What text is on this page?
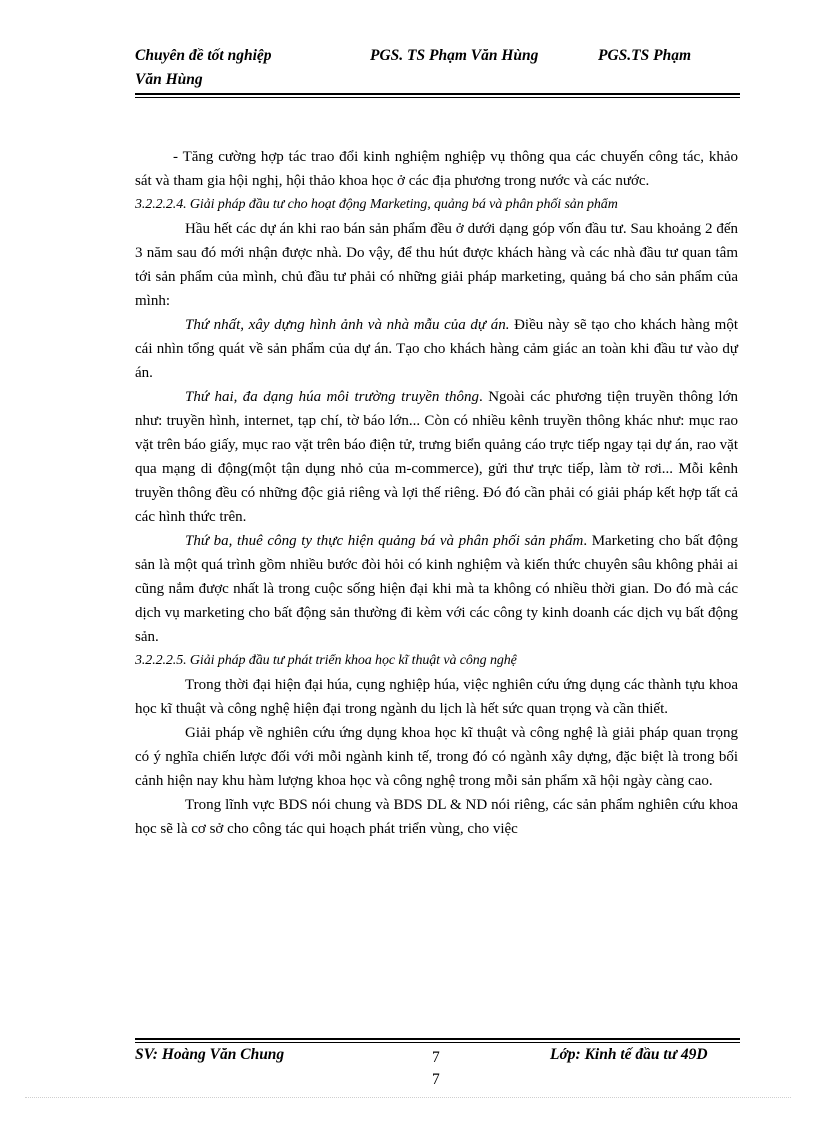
Chuyên đề tốt nghiệp	PGS. TS Phạm Văn Hùng	PGS.TS Phạm
Văn Hùng

- Tăng cường hợp tác trao đổi kinh nghiệm nghiệp vụ thông qua các chuyến công tác, khảo sát và tham gia hội nghị, hội thảo khoa học ở các địa phương trong nước và các nước.

3.2.2.2.4. Giải pháp đầu tư cho hoạt động Marketing, quảng bá và phân phối sản phẩm

Hầu hết các dự án khi rao bán sản phẩm đều ở dưới dạng góp vốn đầu tư. Sau khoảng 2 đến 3 năm sau đó mới nhận được nhà. Do vậy, để thu hút được khách hàng và các nhà đầu tư quan tâm tới sản phẩm của mình, chủ đầu tư phải có những giải pháp marketing, quảng bá cho sản phẩm của mình:

Thứ nhất, xây dựng hình ảnh và nhà mẫu của dự án. Điều này sẽ tạo cho khách hàng một cái nhìn tổng quát về sản phẩm của dự án. Tạo cho khách hàng cảm giác an toàn khi đầu tư vào dự án.

Thứ hai, đa dạng húa môi trường truyền thông. Ngoài các phương tiện truyền thông lớn như: truyền hình, internet, tạp chí, tờ báo lớn... Còn có nhiều kênh truyền thông khác như: mục rao vặt trên báo giấy, mục rao vặt trên báo điện tử, trưng biển quảng cáo trực tiếp ngay tại dự án, rao vặt qua mạng di động(một tận dụng nhỏ của m-commerce), gửi thư trực tiếp, làm tờ rơi... Mỗi kênh truyền thông đều có những độc giả riêng và lợi thế riêng. Đó đó cần phải có giải pháp kết hợp tất cả các hình thức trên.

Thứ ba, thuê công ty thực hiện quảng bá và phân phối sản phẩm. Marketing cho bất động sản là một quá trình gồm nhiều bước đòi hỏi có kinh nghiệm và kiến thức chuyên sâu không phải ai cũng nắm được nhất là trong cuộc sống hiện đại khi mà ta không có nhiều thời gian. Do đó mà các dịch vụ marketing cho bất động sản thường đi kèm với các công ty kinh doanh các dịch vụ bất động sản.

3.2.2.2.5. Giải pháp đầu tư phát triển khoa học kĩ thuật và công nghệ

Trong thời đại hiện đại húa, cụng nghiệp húa, việc nghiên cứu ứng dụng các thành tựu khoa học kĩ thuật và công nghệ hiện đại trong ngành du lịch là hết sức quan trọng và cần thiết.

Giải pháp về nghiên cứu ứng dụng khoa học kĩ thuật và công nghệ là giải pháp quan trọng có ý nghĩa chiến lược đối với mỗi ngành kinh tế, trong đó có ngành xây dựng, đặc biệt là trong bối cảnh hiện nay khu hàm lượng khoa học và công nghệ trong mỗi sản phẩm xã hội ngày càng cao.

Trong lĩnh vực BDS nói chung và BDS DL & ND nói riêng, các sản phẩm nghiên cứu khoa học sẽ là cơ sở cho công tác qui hoạch phát triển vùng, cho việc

SV: Hoàng Văn Chung	7	Lớp: Kinh tế đầu tư 49D
7
